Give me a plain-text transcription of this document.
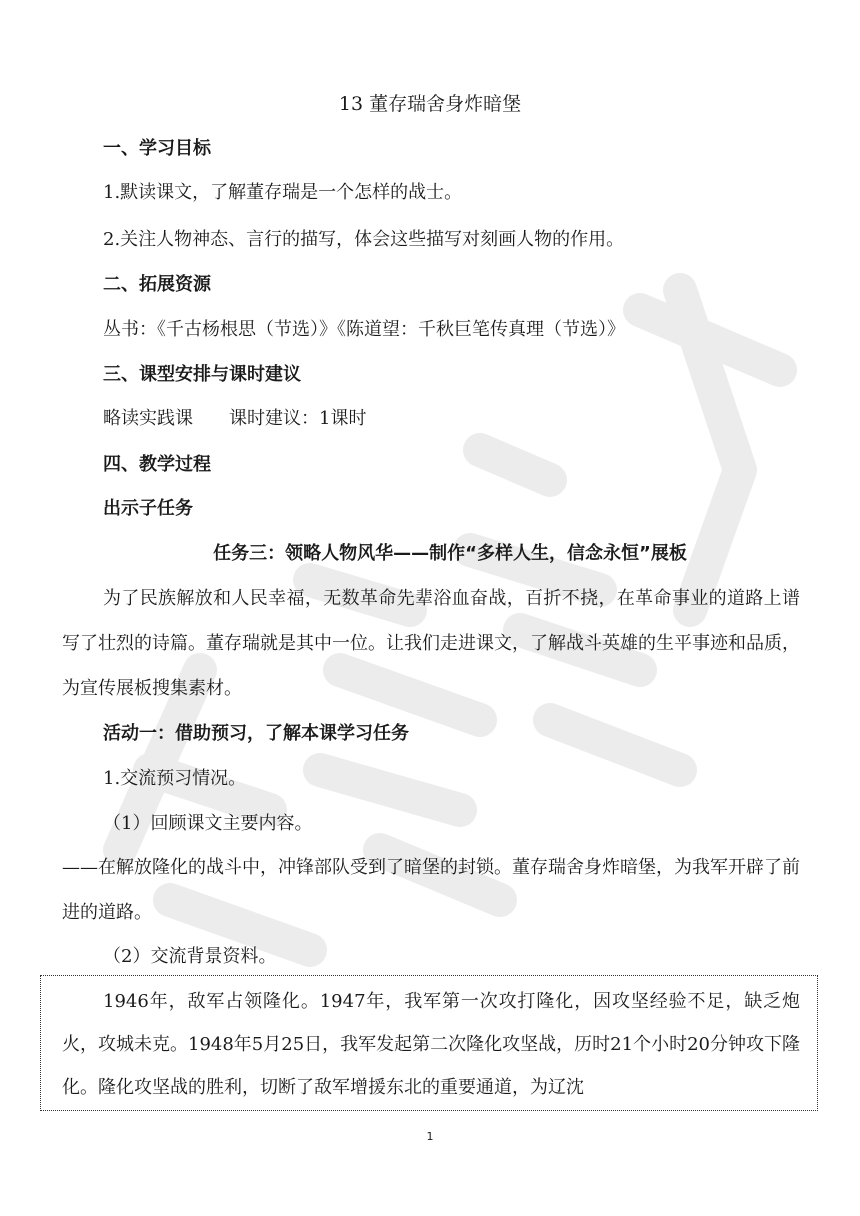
13 董存瑞舍身炸暗堡
一、学习目标
1.默读课文，了解董存瑞是一个怎样的战士。
2.关注人物神态、言行的描写，体会这些描写对刻画人物的作用。
二、拓展资源
丛书：《千古杨根思（节选）》《陈道望：千秋巨笔传真理（节选）》
三、课型安排与课时建议
略读实践课　　课时建议：1课时
四、教学过程
出示子任务
任务三：领略人物风华——制作“多样人生，信念永恒”展板
为了民族解放和人民幸福，无数革命先辈浴血奋战，百折不挠，在革命事业的道路上谱写了壮烈的诗篇。董存瑞就是其中一位。让我们走进课文，了解战斗英雄的生平事迹和品质，为宣传展板搜集素材。
活动一：借助预习，了解本课学习任务
1.交流预习情况。
（1）回顾课文主要内容。
——在解放隆化的战斗中，冲锋部队受到了暗堡的封锁。董存瑞舍身炸暗堡，为我军开辟了前进的道路。
（2）交流背景资料。
1946年，敌军占领隆化。1947年，我军第一次攻打隆化，因攻坚经验不足，缺乏炮火，攻城未克。1948年5月25日，我军发起第二次隆化攻坚战，历时21个小时20分钟攻下隆化。隆化攻坚战的胜利，切断了敌军增援东北的重要通道，为辽沈
1
